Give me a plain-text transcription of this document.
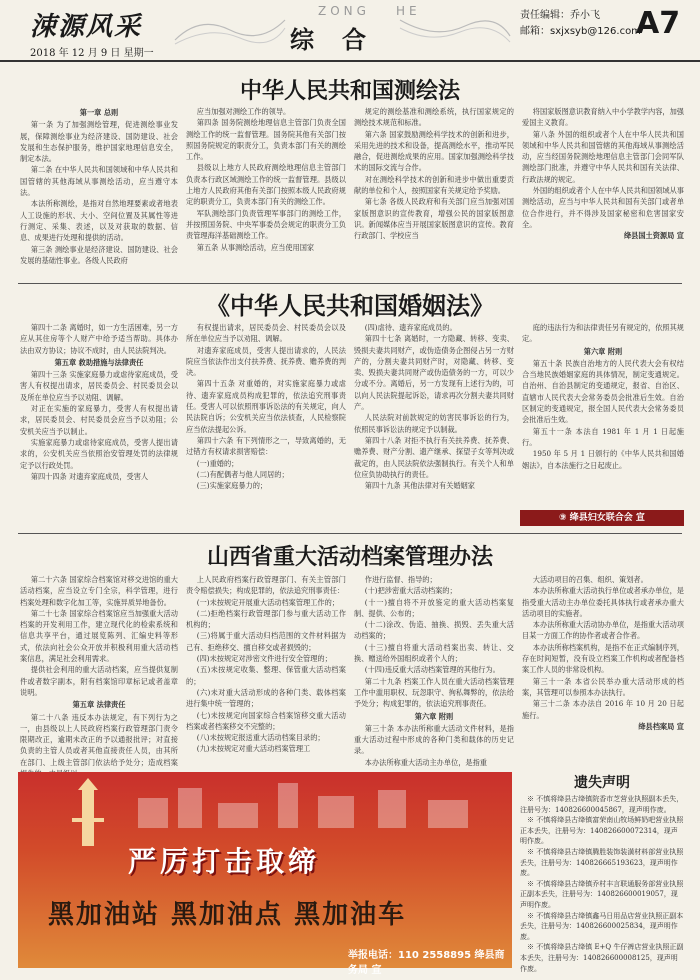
涑源风采
2018 年 12 月 9 日 星期一
ZONG HE
综合
责任编辑：乔小飞
邮箱：sxjxsyb@126.com
A7
中华人民共和国测绘法

第一章 总则

第一条 为了加强测绘管理，促进测绘事业发展，保障测绘事业为经济建设、国防建设、社会发展和生态保护服务，维护国家地理信息安全，制定本法。

第二条 在中华人民共和国领域和中华人民共和国管辖的其他海域从事测绘活动，应当遵守本法。

本法所称测绘，是指对自然地理要素或者地表人工设施的形状、大小、空间位置及其属性等进行测定、采集、表述，以及对获取的数据、信息、成果进行处理和提供的活动。

第三条 测绘事业是经济建设、国防建设、社会发展的基础性事业。各级人民政府

应当加强对测绘工作的领导。

第四条 国务院测绘地理信息主管部门负责全国测绘工作的统一监督管理。国务院其他有关部门按照国务院规定的职责分工，负责本部门有关的测绘工作。

县级以上地方人民政府测绘地理信息主管部门负责本行政区域测绘工作的统一监督管理。县级以上地方人民政府其他有关部门按照本级人民政府规定的职责分工，负责本部门有关的测绘工作。

军队测绘部门负责管理军事部门的测绘工作，并按照国务院、中央军事委员会规定的职责分工负责管理海洋基础测绘工作。

第五条 从事测绘活动，应当使用国家

规定的测绘基准和测绘系统，执行国家规定的测绘技术规范和标准。

第六条 国家鼓励测绘科学技术的创新和进步，采用先进的技术和设备，提高测绘水平，推动军民融合，促进测绘成果的应用。国家加强测绘科学技术的国际交流与合作。

对在测绘科学技术的创新和进步中做出重要贡献的单位和个人，按照国家有关规定给予奖励。

第七条 各级人民政府和有关部门应当加强对国家版图意识的宣传教育，增强公民的国家版图意识。新闻媒体应当开展国家版图意识的宣传。教育行政部门、学校应当

将国家版图意识教育纳入中小学教学内容，加强爱国主义教育。

第八条 外国的组织或者个人在中华人民共和国领域和中华人民共和国管辖的其他海域从事测绘活动，应当经国务院测绘地理信息主管部门会同军队测绘部门批准，并遵守中华人民共和国有关法律、行政法规的规定。

外国的组织或者个人在中华人民共和国领域从事测绘活动，应当与中华人民共和国有关部门或者单位合作进行，并不得涉及国家秘密和危害国家安全。

绛县国土资源局 宣

《中华人民共和国婚姻法》

第四十二条 离婚时，如一方生活困难，另一方应从其住房等个人财产中给予适当帮助。具体办法由双方协议；协议不成时，由人民法院判决。

第五章 救助措施与法律责任

第四十三条 实施家庭暴力或虐待家庭成员，受害人有权提出请求，居民委员会、村民委员会以及所在单位应当予以劝阻、调解。

对正在实施的家庭暴力，受害人有权提出请求，居民委员会、村民委员会应当予以劝阻；公安机关应当予以制止。

实施家庭暴力或虐待家庭成员，受害人提出请求的，公安机关应当依照治安管理处罚的法律规定予以行政处罚。

第四十四条 对遗弃家庭成员，受害人

有权提出请求，居民委员会、村民委员会以及所在单位应当予以劝阻、调解。

对遗弃家庭成员，受害人提出请求的，人民法院应当依法作出支付扶养费、抚养费、赡养费的判决。

第四十五条 对重婚的，对实施家庭暴力或虐待、遗弃家庭成员构成犯罪的，依法追究刑事责任。受害人可以依照刑事诉讼法的有关规定，向人民法院自诉；公安机关应当依法侦查，人民检察院应当依法提起公诉。

第四十六条 有下列情形之一，导致离婚的，无过错方有权请求损害赔偿：

(一)重婚的；

(二)有配偶者与他人同居的；

(三)实施家庭暴力的；

(四)虐待、遗弃家庭成员的。

第四十七条 离婚时，一方隐藏、转移、变卖、毁损夫妻共同财产，或伪造债务企图侵占另一方财产的，分割夫妻共同财产时，对隐藏、转移、变卖、毁损夫妻共同财产或伪造债务的一方，可以少分或不分。离婚后，另一方发现有上述行为的，可以向人民法院提起诉讼，请求再次分割夫妻共同财产。

人民法院对前款规定的妨害民事诉讼的行为，依照民事诉讼法的规定予以制裁。

第四十八条 对拒不执行有关扶养费、抚养费、赡养费、财产分割、遗产继承、探望子女等判决或裁定的，由人民法院依法强制执行。有关个人和单位应负协助执行的责任。

第四十九条 其他法律对有关婚姻家

庭的违法行为和法律责任另有规定的，依照其规定。

第六章 附则

第五十条 民族自治地方的人民代表大会有权结合当地民族婚姻家庭的具体情况，制定变通规定。自治州、自治县制定的变通规定，报省、自治区、直辖市人民代表大会常务委员会批准后生效。自治区制定的变通规定，报全国人民代表大会常务委员会批准后生效。

第五十一条 本法自 1981 年 1 月 1 日起施行。

1950 年 5 月 1 日颁行的《中华人民共和国婚姻法》，自本法施行之日起废止。

⑨ 绛县妇女联合会 宣
山西省重大活动档案管理办法

第二十六条 国家综合档案馆对移交进馆的重大活动档案，应当设立专门全宗，科学管理，进行档案处理和数字化加工等，实施异质异地备份。

第二十七条 国家综合档案馆应当加强重大活动档案的开发利用工作，建立现代化的检索系统和信息共享平台，通过展览陈列、汇编史料等形式，依法向社会公众开放并积极利用重大活动档案信息，满足社会利用需求。

提供社会利用的重大活动档案，应当提供复制件或者数字副本，附有档案馆印章标记或者盖章说明。

第五章 法律责任

第二十八条 违反本办法规定，有下列行为之一，由县级以上人民政府档案行政管理部门责令限期改正，逾期未改正的予以通报批评；对直接负责的主管人员或者其他直接责任人员，由其所在部门、上级主管部门依法给予处分；造成档案

上人民政府档案行政管理部门、有关主管部门责令赔偿损失；构成犯罪的，依法追究刑事责任：

(一)未按规定开展重大活动档案管理工作的；

(二)拒绝档案行政管理部门参与重大活动工作机构的；

(三)将属于重大活动归档范围的文件材料据为己有、拒绝移交、擅自移交或者损毁的；

(四)未按规定对涉密文件进行安全管理的；

(五)未按规定收集、整理、保管重大活动档案的；

(六)未对重大活动形成的各种门类、载体档案进行集中统一管理的；

(七)未按规定向国家综合档案馆移交重大活动档案或者档案移交不完整的；

(八)未按规定报送重大活动档案目录的；

(九)未按规定对重大活动档案管理工

作进行监督、指导的；

(十)把涉密重大活动档案的；

(十一)擅自将不开放鉴定的重大活动档案复制、提供、公布的；

(十二)涂改、伪造、抽换、损毁、丢失重大活动档案的；

(十三)擅自将重大活动档案出卖、转让、交换、赠送给外国组织或者个人的；

(十四)违反重大活动档案管理的其他行为。

第二十九条 档案工作人员在重大活动档案管理工作中滥用职权、玩忽职守、徇私舞弊的，依法给予处分；构成犯罪的，依法追究刑事责任。

第六章 附则

第三十条 本办法所称重大活动文件材料，是指重大活动过程中形成的各种门类和载体的历史记录。

本办法所称重大活动主办单位，是指重

大活动项目的召集、组织、策划者。

本办法所称重大活动执行单位或者承办单位，是指受重大活动主办单位委托具体执行或者承办重大活动项目的实施者。

本办法所称重大活动协办单位，是指重大活动项目某一方面工作的协作者或者合作者。

本办法所称档案机构，是指不在正式编制序列，存在时间短暂，没有设立档案工作机构或者配备档案工作人员的非常设机构。

第三十一条 本省公民举办重大活动形成的档案，其管理可以参照本办法执行。

第三十二条 本办法自 2016 年 10 月 20 日起施行。

绛县档案局 宣

严厉打击取缔
黑加油站 黑加油点 黑加油车
举报电话：110 2558895 绛县商务局 宣
遗失声明

※ 不慎将绛县古绛镇院香市芝营业执照副本丢失，注册号为：140826600045867，现声明作废。

※ 不慎将绛县古绛镇富荣南山牧场鲜奶吧营业执照正本丢失，注册号为：140826600072314，现声明作废。

※ 不慎将绛县古绛镇腾胜装饰装潢材料部营业执照丢失，注册号为：140826665193623，现声明作废。

※ 不慎将绛县古绛镇乔村丰言联通服务部营业执照正副本丢失，注册号为：140826600019057，现声明作废。

※ 不慎将绛县古绛镇鑫马日用品店营业执照正副本丢失，注册号为：140826600025834，现声明作废。

※ 不慎将绛县古绛镇 E+Q 牛仔裤店营业执照正副本丢失，注册号为：140826600008125，现声明作废。
